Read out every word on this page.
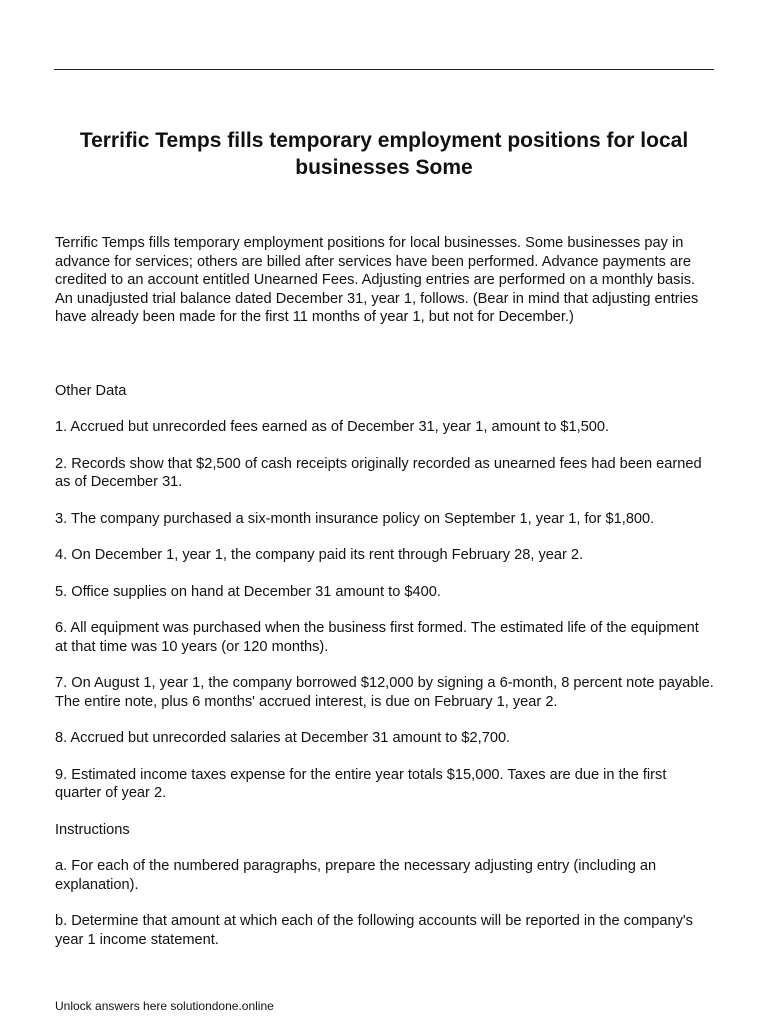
Terrific Temps fills temporary employment positions for local businesses Some

Terrific Temps fills temporary employment positions for local businesses. Some businesses pay in advance for services; others are billed after services have been performed. Advance payments are credited to an account entitled Unearned Fees. Adjusting entries are performed on a monthly basis. An unadjusted trial balance dated December 31, year 1, follows. (Bear in mind that adjusting entries have already been made for the first 11 months of year 1, but not for December.)

Other Data

1. Accrued but unrecorded fees earned as of December 31, year 1, amount to $1,500.

2. Records show that $2,500 of cash receipts originally recorded as unearned fees had been earned as of December 31.

3. The company purchased a six-month insurance policy on September 1, year 1, for $1,800.

4. On December 1, year 1, the company paid its rent through February 28, year 2.

5. Office supplies on hand at December 31 amount to $400.

6. All equipment was purchased when the business first formed. The estimated life of the equipment at that time was 10 years (or 120 months).

7. On August 1, year 1, the company borrowed $12,000 by signing a 6-month, 8 percent note payable. The entire note, plus 6 months' accrued interest, is due on February 1, year 2.

8. Accrued but unrecorded salaries at December 31 amount to $2,700.

9. Estimated income taxes expense for the entire year totals $15,000. Taxes are due in the first quarter of year 2.

Instructions

a. For each of the numbered paragraphs, prepare the necessary adjusting entry (including an explanation).

b. Determine that amount at which each of the following accounts will be reported in the company's year 1 income statement.

Unlock answers here solutiondone.online
